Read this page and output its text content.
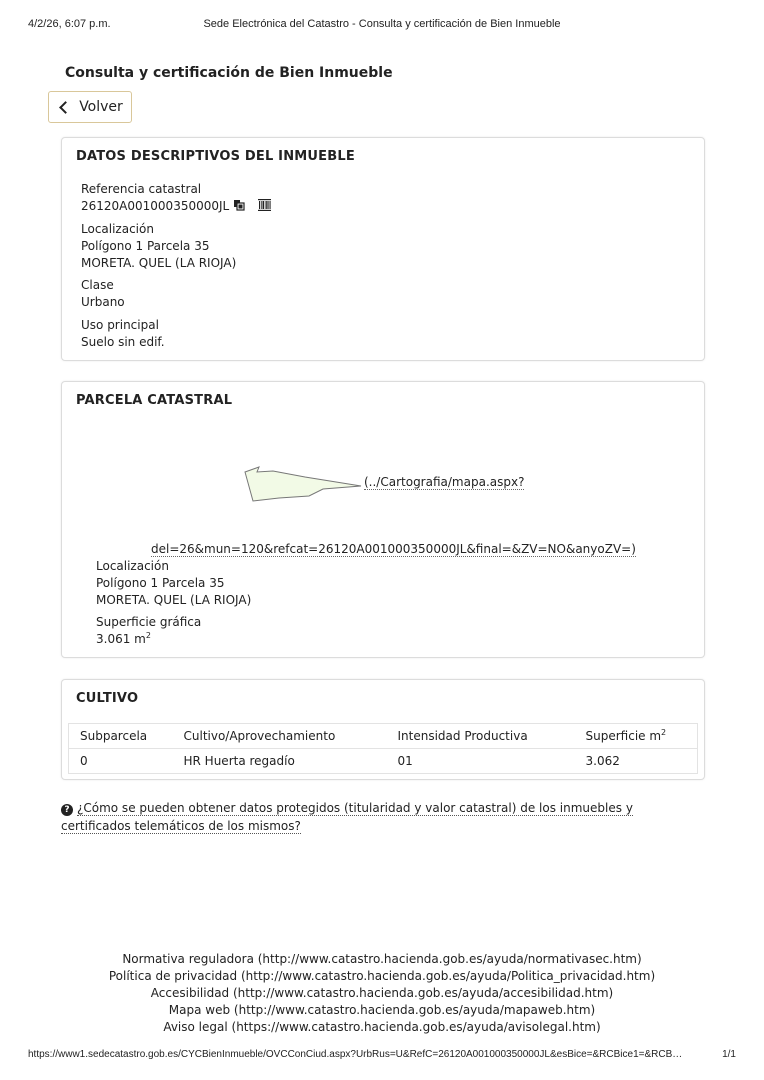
4/2/26, 6:07 p.m.	Sede Electrónica del Catastro - Consulta y certificación de Bien Inmueble
Consulta y certificación de Bien Inmueble
Volver
DATOS DESCRIPTIVOS DEL INMUEBLE
Referencia catastral
26120A001000350000JL
Localización
Polígono 1 Parcela 35
MORETA. QUEL (LA RIOJA)
Clase
Urbano
Uso principal
Suelo sin edif.
PARCELA CATASTRAL
(../Cartografia/mapa.aspx?
del=26&mun=120&refcat=26120A001000350000JL&final=&ZV=NO&anyoZV=)
Localización
Polígono 1 Parcela 35
MORETA. QUEL (LA RIOJA)
Superficie gráfica
3.061 $m^2$
CULTIVO
Subparcela	Cultivo/Aprovechamiento	Intensidad Productiva	Superficie $m^2$
0	HR Huerta regadío	01	3.062
? ¿Cómo se pueden obtener datos protegidos (titularidad y valor catastral) de los inmuebles y certificados telemáticos de los mismos?
Normativa reguladora (http://www.catastro.hacienda.gob.es/ayuda/normativasec.htm)
Política de privacidad (http://www.catastro.hacienda.gob.es/ayuda/Politica_privacidad.htm)
Accesibilidad (http://www.catastro.hacienda.gob.es/ayuda/accesibilidad.htm)
Mapa web (http://www.catastro.hacienda.gob.es/ayuda/mapaweb.htm)
Aviso legal (https://www.catastro.hacienda.gob.es/ayuda/avisolegal.htm)
https://www1.sedecatastro.gob.es/CYCBienInmueble/OVCConCiud.aspx?UrbRus=U&RefC=26120A001000350000JL&esBice=&RCBice1=&RCB…	1/1
